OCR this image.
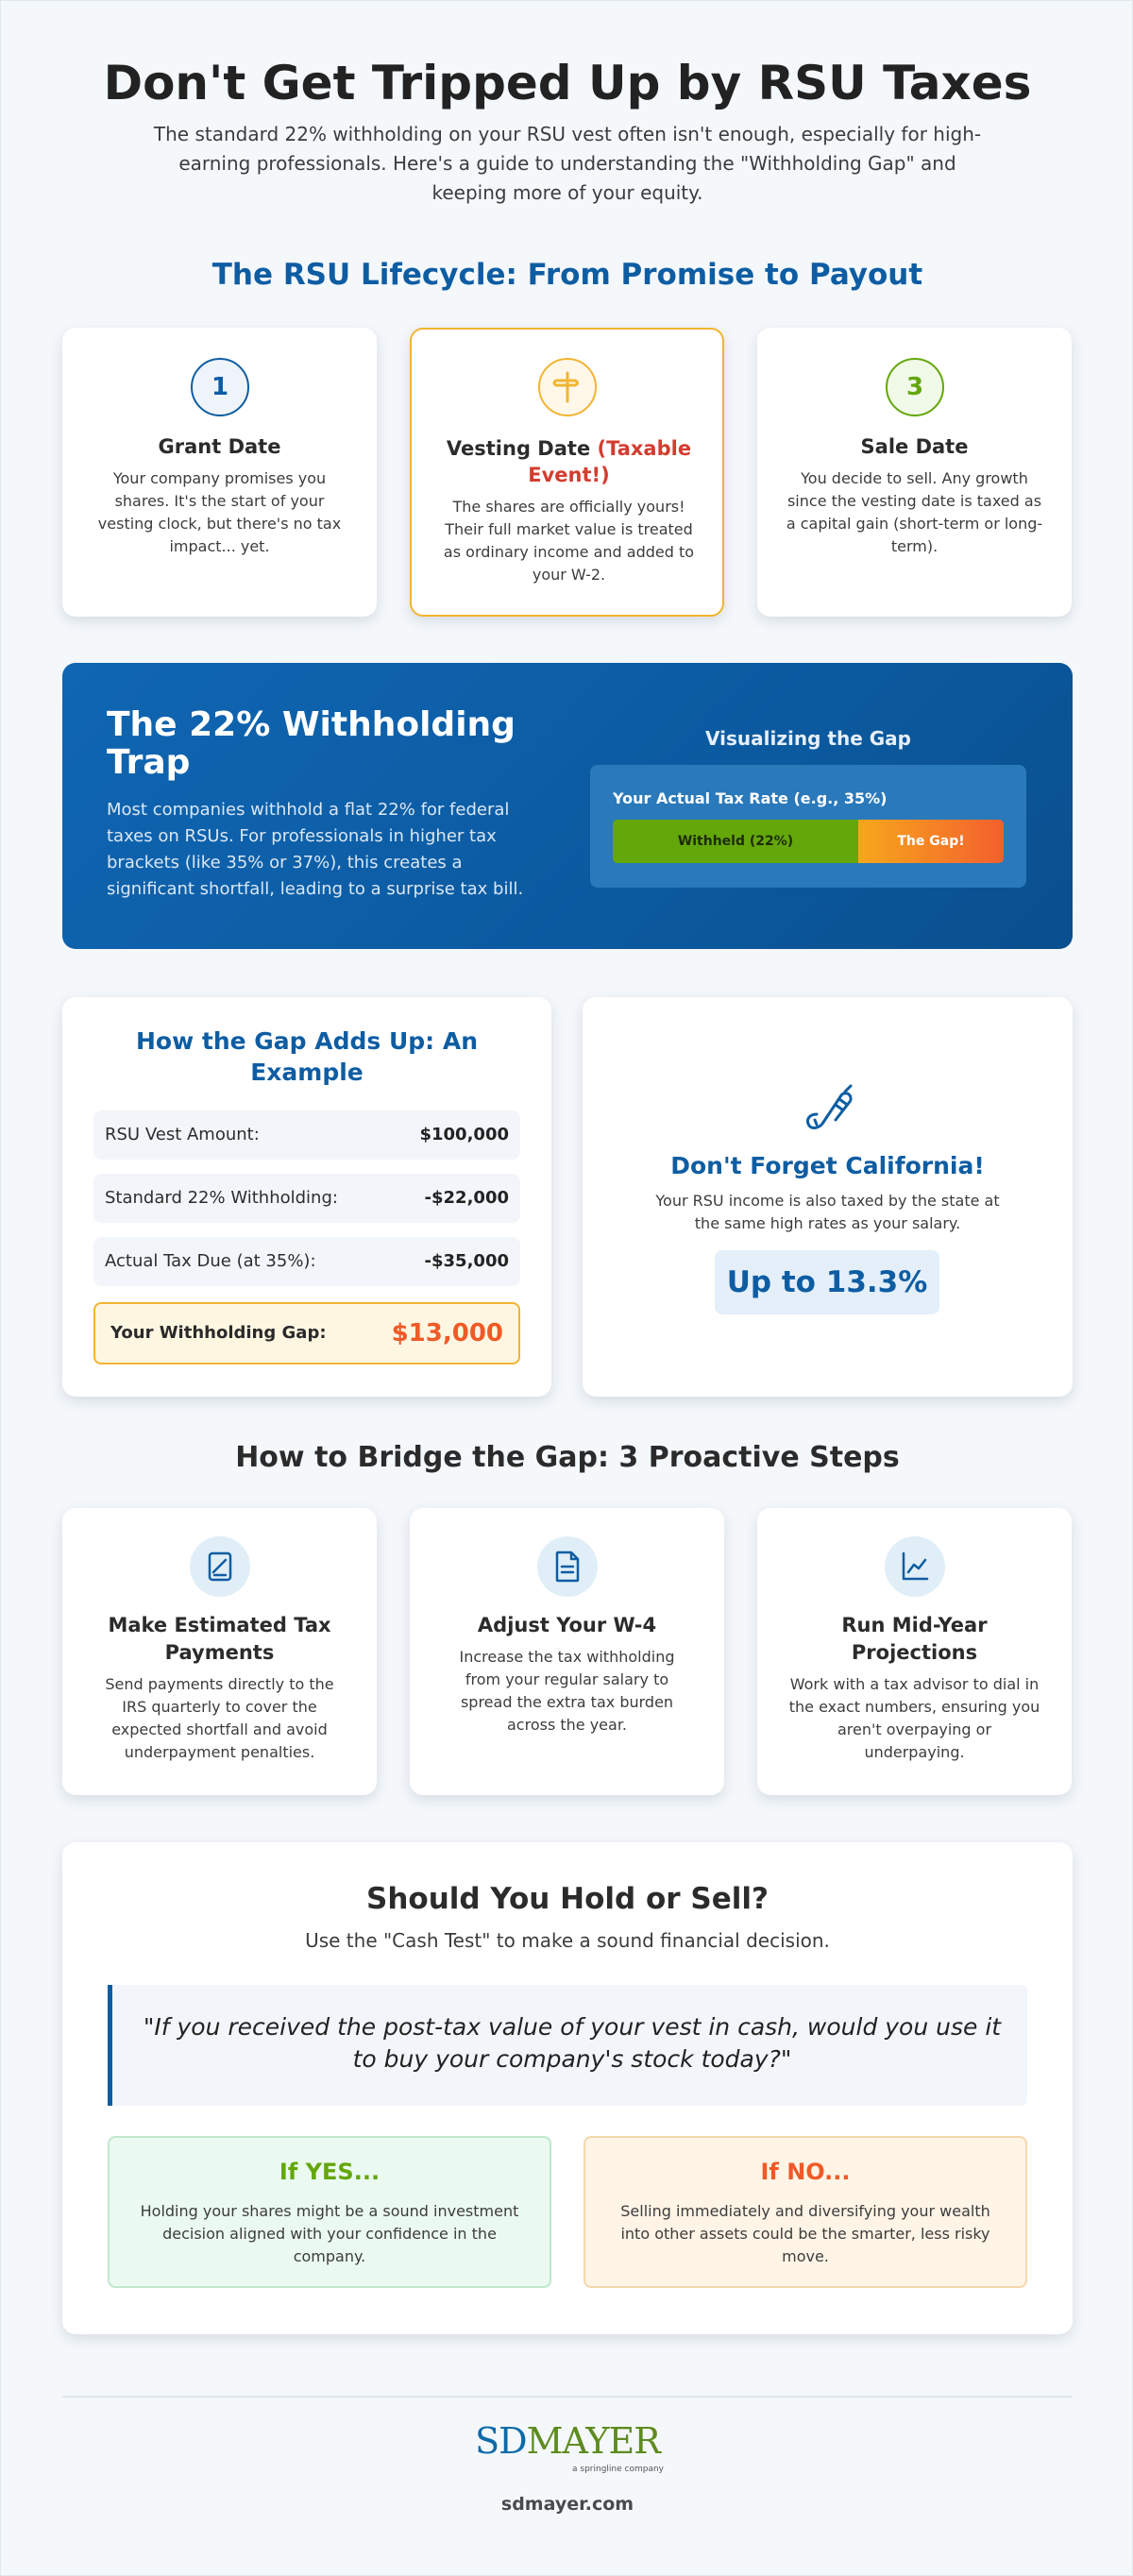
Don't Get Tripped Up by RSU Taxes

The standard 22% withholding on your RSU vest often isn't enough, especially for high-earning professionals. Here's a guide to understanding the "Withholding Gap" and keeping more of your equity.

The RSU Lifecycle: From Promise to Payout
1
Grant Date

Your company promises you shares. It's the start of your vesting clock, but there's no tax impact... yet.

Vesting Date (Taxable Event!)

The shares are officially yours! Their full market value is treated as ordinary income and added to your W-2.

3
Sale Date

You decide to sell. Any growth since the vesting date is taxed as a capital gain (short-term or long-term).

The 22% Withholding Trap

Most companies withhold a flat 22% for federal taxes on RSUs. For professionals in higher tax brackets (like 35% or 37%), this creates a significant shortfall, leading to a surprise tax bill.

Visualizing the Gap
Your Actual Tax Rate (e.g., 35%)
Withheld (22%)	The Gap!
How the Gap Adds Up: An Example
RSU Vest Amount:	$100,000
Standard 22% Withholding:	-$22,000
Actual Tax Due (at 35%):	-$35,000
Your Withholding Gap:	$13,000
Don't Forget California!

Your RSU income is also taxed by the state at the same high rates as your salary.

Up to 13.3%
How to Bridge the Gap: 3 Proactive Steps
Make Estimated Tax Payments

Send payments directly to the IRS quarterly to cover the expected shortfall and avoid underpayment penalties.

Adjust Your W-4

Increase the tax withholding from your regular salary to spread the extra tax burden across the year.

Run Mid-Year Projections

Work with a tax advisor to dial in the exact numbers, ensuring you aren't overpaying or underpaying.

Should You Hold or Sell?
Use the "Cash Test" to make a sound financial decision.

"If you received the post-tax value of your vest in cash, would you use it to buy your company's stock today?"

If YES...

Holding your shares might be a sound investment decision aligned with your confidence in the company.

If NO...

Selling immediately and diversifying your wealth into other assets could be the smarter, less risky move.

SDMAYER
a springline company
sdmayer.com
